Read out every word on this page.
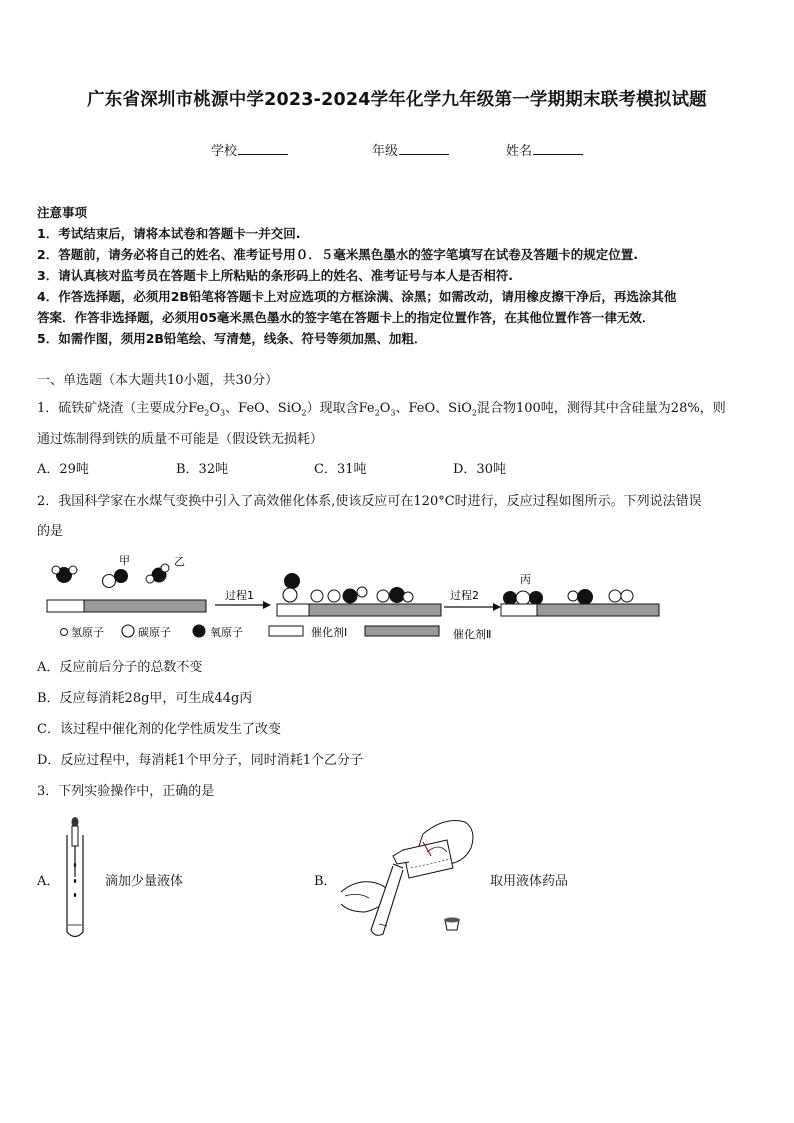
广东省深圳市桃源中学2023-2024学年化学九年级第一学期期末联考模拟试题
学校	年级	姓名
注意事项
1．考试结束后，请将本试卷和答题卡一并交回.
2．答题前，请务必将自己的姓名、准考证号用０．５毫米黑色墨水的签字笔填写在试卷及答题卡的规定位置.
3．请认真核对监考员在答题卡上所粘贴的条形码上的姓名、准考证号与本人是否相符.
4．作答选择题，必须用2B铅笔将答题卡上对应选项的方框涂满、涂黑；如需改动，请用橡皮擦干净后，再选涂其他
答案．作答非选择题，必须用05毫米黑色墨水的签字笔在答题卡上的指定位置作答，在其他位置作答一律无效．
5．如需作图，须用2B铅笔绘、写清楚，线条、符号等须加黑、加粗．
一、单选题（本大题共10小题，共30分）
1．硫铁矿烧渣（主要成分$Fe_2O_3$、FeO、SiO$_2$）现取含$Fe_2O_3$、FeO、SiO$_2$混合物100吨，测得其中含硅量为28%，则
通过炼制得到铁的质量不可能是（假设铁无损耗）
A．29吨	B．32吨	C．31吨	D．30吨
2．我国科学家在水煤气变换中引入了高效催化体系,使该反应可在120°C时进行，反应过程如图所示。下列说法错误
的是
甲	乙
过程1	过程2
丙
氢原子	碳原子	氧原子	催化剂Ⅰ	催化剂Ⅱ
A．反应前后分子的总数不变
B．反应每消耗28g甲，可生成44g丙
C．该过程中催化剂的化学性质发生了改变
D．反应过程中，每消耗1个甲分子，同时消耗1个乙分子
3．下列实验操作中，正确的是
A．	滴加少量液体	B．	取用液体药品
